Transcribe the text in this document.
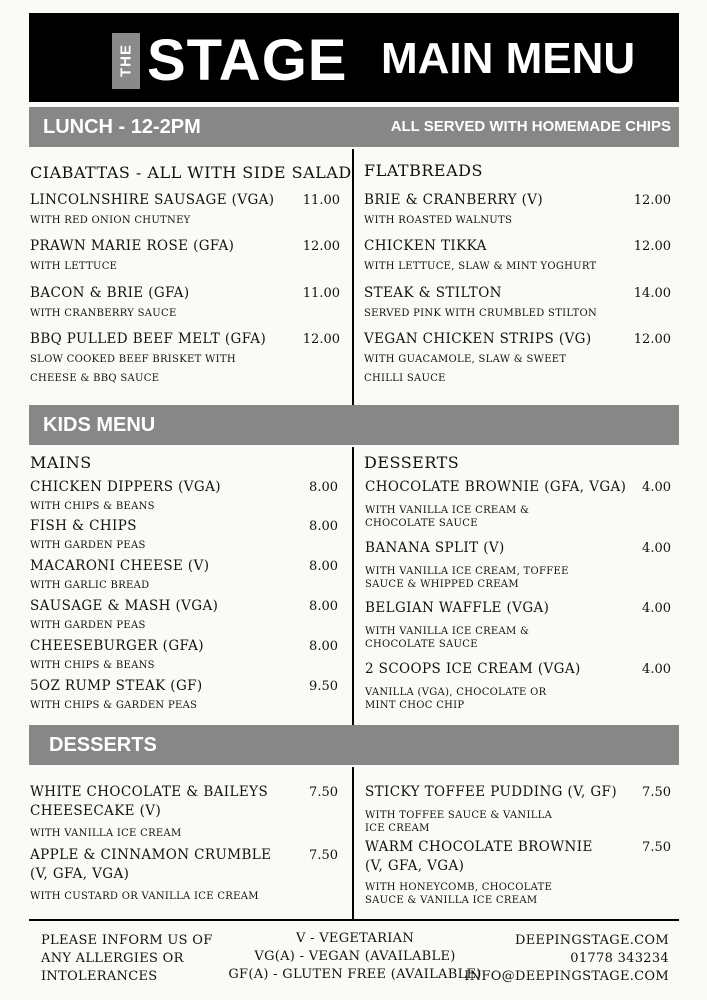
THE STAGE MAIN MENU
LUNCH - 12-2PM	ALL SERVED WITH HOMEMADE CHIPS
CIABATTAS - ALL WITH SIDE SALAD FLATBREADS
LINCOLNSHIRE SAUSAGE (VGA)	11.00
WITH RED ONION CHUTNEY
PRAWN MARIE ROSE (GFA)	12.00
WITH LETTUCE
BACON & BRIE (GFA)	11.00
WITH CRANBERRY SAUCE
BBQ PULLED BEEF MELT (GFA)	12.00
SLOW COOKED BEEF BRISKET WITH CHEESE & BBQ SAUCE
BRIE & CRANBERRY (V)	12.00
WITH ROASTED WALNUTS
CHICKEN TIKKA	12.00
WITH LETTUCE, SLAW & MINT YOGHURT
STEAK & STILTON	14.00
SERVED PINK WITH CRUMBLED STILTON
VEGAN CHICKEN STRIPS (VG)	12.00
WITH GUACAMOLE, SLAW & SWEET CHILLI SAUCE
KIDS MENU
MAINS	DESSERTS
CHICKEN DIPPERS (VGA)	8.00
WITH CHIPS & BEANS
FISH & CHIPS	8.00
WITH GARDEN PEAS
MACARONI CHEESE (V)	8.00
WITH GARLIC BREAD
SAUSAGE & MASH (VGA)	8.00
WITH GARDEN PEAS
CHEESEBURGER (GFA)	8.00
WITH CHIPS & BEANS
5OZ RUMP STEAK (GF)	9.50
WITH CHIPS & GARDEN PEAS
CHOCOLATE BROWNIE (GFA, VGA)	4.00
WITH VANILLA ICE CREAM & CHOCOLATE SAUCE
BANANA SPLIT (V)	4.00
WITH VANILLA ICE CREAM, TOFFEE SAUCE & WHIPPED CREAM
BELGIAN WAFFLE (VGA)	4.00
WITH VANILLA ICE CREAM & CHOCOLATE SAUCE
2 SCOOPS ICE CREAM (VGA)	4.00
VANILLA (VGA), CHOCOLATE OR MINT CHOC CHIP
DESSERTS
WHITE CHOCOLATE & BAILEYS CHEESECAKE (V)
7.50
WITH VANILLA ICE CREAM
APPLE & CINNAMON CRUMBLE (V, GFA, VGA)
7.50
WITH CUSTARD OR VANILLA ICE CREAM
STICKY TOFFEE PUDDING (V, GF)	7.50
WITH TOFFEE SAUCE & VANILLA ICE CREAM
WARM CHOCOLATE BROWNIE (V, GFA, VGA)
7.50
WITH HONEYCOMB, CHOCOLATE SAUCE & VANILLA ICE CREAM
PLEASE INFORM US OF
ANY ALLERGIES OR
INTOLERANCES
V - VEGETARIAN
VG(A) - VEGAN (AVAILABLE)
GF(A) - GLUTEN FREE (AVAILABLE)
DEEPINGSTAGE.COM
01778 343234
INFO@DEEPINGSTAGE.COM
